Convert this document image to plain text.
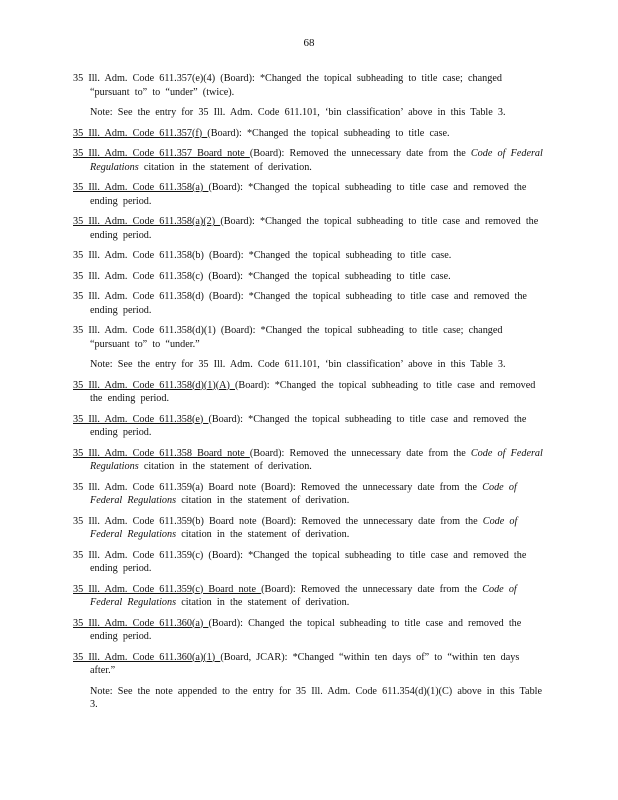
68
35 Ill. Adm. Code 611.357(e)(4) (Board): *Changed the topical subheading to title case; changed “pursuant to” to “under” (twice).
Note: See the entry for 35 Ill. Adm. Code 611.101, ‘bin classification’ above in this Table 3.
35 Ill. Adm. Code 611.357(f) (Board): *Changed the topical subheading to title case.
35 Ill. Adm. Code 611.357 Board note (Board): Removed the unnecessary date from the Code of Federal Regulations citation in the statement of derivation.
35 Ill. Adm. Code 611.358(a) (Board): *Changed the topical subheading to title case and removed the ending period.
35 Ill. Adm. Code 611.358(a)(2) (Board): *Changed the topical subheading to title case and removed the ending period.
35 Ill. Adm. Code 611.358(b) (Board): *Changed the topical subheading to title case.
35 Ill. Adm. Code 611.358(c) (Board): *Changed the topical subheading to title case.
35 Ill. Adm. Code 611.358(d) (Board): *Changed the topical subheading to title case and removed the ending period.
35 Ill. Adm. Code 611.358(d)(1) (Board): *Changed the topical subheading to title case; changed “pursuant to” to “under.”
Note: See the entry for 35 Ill. Adm. Code 611.101, ‘bin classification’ above in this Table 3.
35 Ill. Adm. Code 611.358(d)(1)(A) (Board): *Changed the topical subheading to title case and removed the ending period.
35 Ill. Adm. Code 611.358(e) (Board): *Changed the topical subheading to title case and removed the ending period.
35 Ill. Adm. Code 611.358 Board note (Board): Removed the unnecessary date from the Code of Federal Regulations citation in the statement of derivation.
35 Ill. Adm. Code 611.359(a) Board note (Board): Removed the unnecessary date from the Code of Federal Regulations citation in the statement of derivation.
35 Ill. Adm. Code 611.359(b) Board note (Board): Removed the unnecessary date from the Code of Federal Regulations citation in the statement of derivation.
35 Ill. Adm. Code 611.359(c) (Board): *Changed the topical subheading to title case and removed the ending period.
35 Ill. Adm. Code 611.359(c) Board note (Board): Removed the unnecessary date from the Code of Federal Regulations citation in the statement of derivation.
35 Ill. Adm. Code 611.360(a) (Board): Changed the topical subheading to title case and removed the ending period.
35 Ill. Adm. Code 611.360(a)(1) (Board, JCAR): *Changed “within ten days of” to “within ten days after.”
Note: See the note appended to the entry for 35 Ill. Adm. Code 611.354(d)(1)(C) above in this Table 3.
